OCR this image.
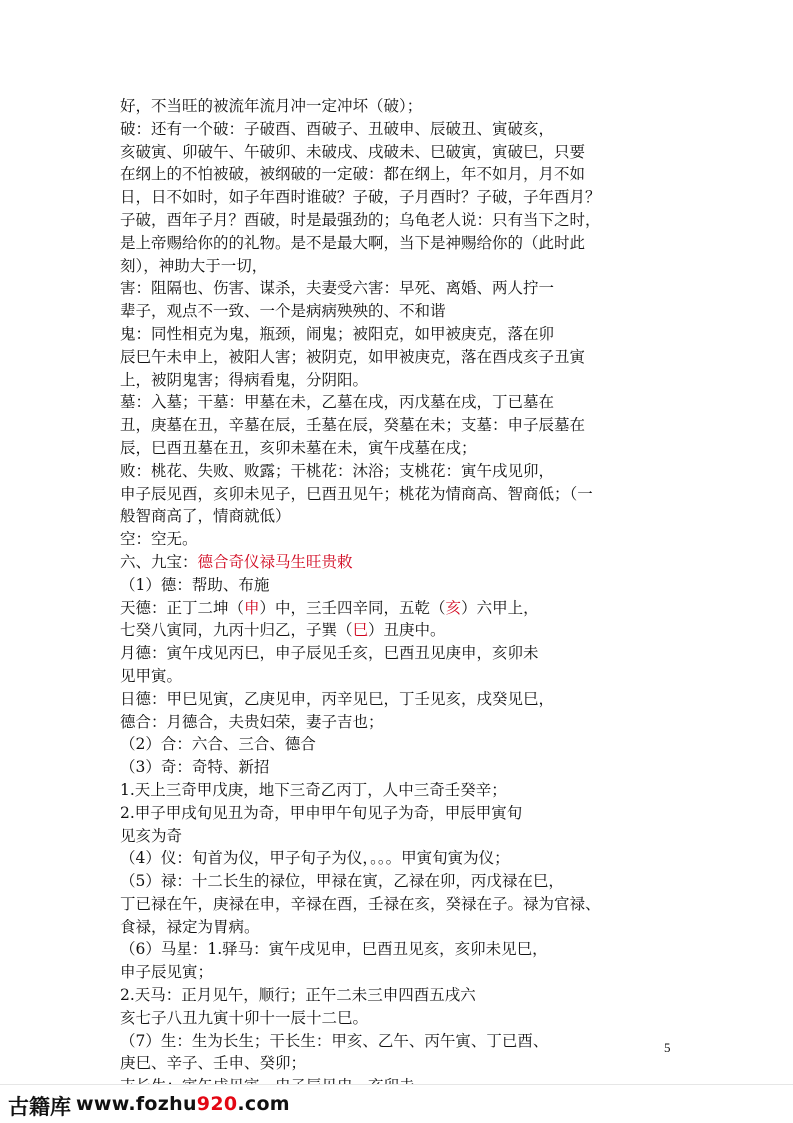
好，不当旺的被流年流月冲一定冲坏（破）；
破：还有一个破：子破酉、酉破子、丑破申、辰破丑、寅破亥，
亥破寅、卯破午、午破卯、未破戌、戌破未、巳破寅，寅破巳，只要
在纲上的不怕被破，被纲破的一定破：都在纲上，年不如月，月不如
日，日不如时，如子年酉时谁破？子破，子月酉时？子破，子年酉月？
子破，酉年子月？酉破，时是最强劲的；乌龟老人说：只有当下之时，
是上帝赐给你的的礼物。是不是最大啊，当下是神赐给你的（此时此
刻），神助大于一切，
害：阻隔也、伤害、谋杀，夫妻受六害：早死、离婚、两人拧一
辈子，观点不一致、一个是病病殃殃的、不和谐
鬼：同性相克为鬼，瓶颈，闹鬼；被阳克，如甲被庚克，落在卯
辰巳午未申上，被阳人害；被阴克，如甲被庚克，落在酉戌亥子丑寅
上，被阴鬼害；得病看鬼，分阴阳。
墓：入墓；干墓：甲墓在未，乙墓在戌，丙戊墓在戌，丁已墓在
丑，庚墓在丑，辛墓在辰，壬墓在辰，癸墓在未；支墓：申子辰墓在
辰，巳酉丑墓在丑，亥卯未墓在未，寅午戌墓在戌；
败：桃花、失败、败露；干桃花：沐浴；支桃花：寅午戌见卯，
申子辰见酉，亥卯未见子，巳酉丑见午；桃花为情商高、智商低；（一
般智商高了，情商就低）
空：空无。
六、九宝：德合奇仪禄马生旺贵敕
（1）德：帮助、布施
天德：正丁二坤（申）中，三壬四辛同，五乾（亥）六甲上，
七癸八寅同，九丙十归乙，子巽（巳）丑庚中。
月德：寅午戌见丙巳，申子辰见壬亥，巳酉丑见庚申，亥卯未
见甲寅。
日德：甲巳见寅，乙庚见申，丙辛见巳，丁壬见亥，戌癸见巳，
德合：月德合，夫贵妇荣，妻子吉也；
（2）合：六合、三合、德合
（3）奇：奇特、新招
1.天上三奇甲戊庚，地下三奇乙丙丁，人中三奇壬癸辛；
2.甲子甲戌旬见丑为奇，甲申甲午旬见子为奇，甲辰甲寅旬
见亥为奇
（4）仪：旬首为仪，甲子旬子为仪，。。。甲寅旬寅为仪；
（5）禄：十二长生的禄位，甲禄在寅，乙禄在卯，丙戊禄在巳，
丁已禄在午，庚禄在申，辛禄在酉，壬禄在亥，癸禄在子。禄为官禄、
食禄，禄定为胃病。
（6）马星：1.驿马：寅午戌见申，巳酉丑见亥，亥卯未见巳，
申子辰见寅；
2.天马：正月见午，顺行；正午二未三申四酉五戌六
亥七子八丑九寅十卯十一辰十二巳。
（7）生：生为长生；干长生：甲亥、乙午、丙午寅、丁已酉、
庚巳、辛子、壬申、癸卯；
5
古籍库 www.fozhu920.com
